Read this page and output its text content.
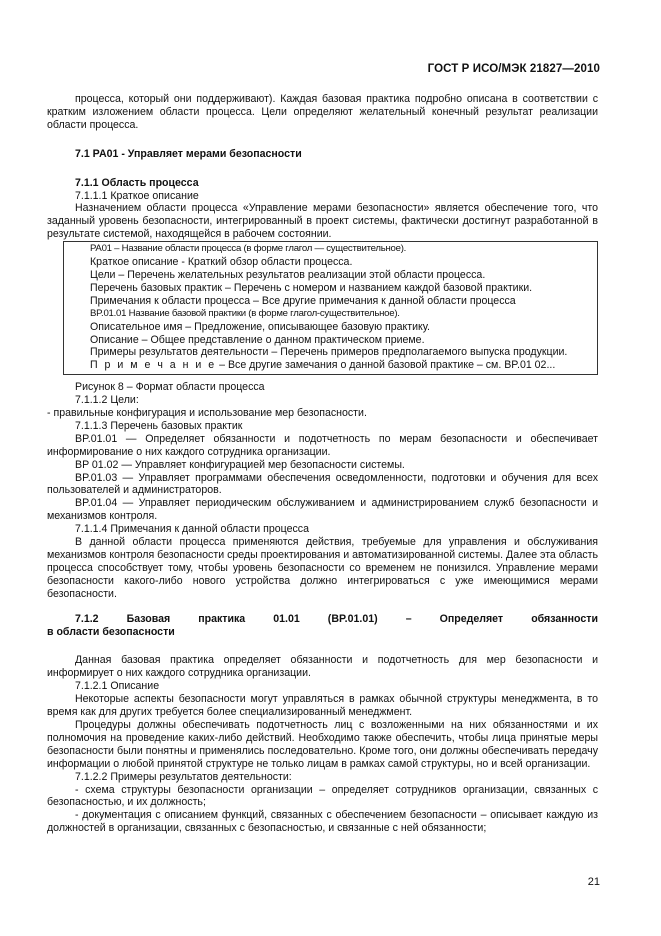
ГОСТ Р ИСО/МЭК 21827—2010

процесса, который они поддерживают). Каждая базовая практика подробно описана в соответствии с кратким изложением области процесса. Цели определяют желательный конечный результат реализации области процесса.

7.1 PA01 - Управляет мерами безопасности

7.1.1 Область процесса

7.1.1.1 Краткое описание

Назначением области процесса «Управление мерами безопасности» является обеспечение того, что заданный уровень безопасности, интегрированный в проект системы, фактически достигнут разработанной в результате системой, находящейся в рабочем состоянии.

PA01 – Название области процесса (в форме глагол — существительное).

Краткое описание - Краткий обзор области процесса.

Цели – Перечень желательных результатов реализации этой области процесса.

Перечень базовых практик – Перечень с номером и названием каждой базовой практики.

Примечания к области процесса – Все другие примечания к данной области процесса

BP.01.01 Название базовой практики (в форме глагол-существительное).

Описательное имя – Предложение, описывающее базовую практику.

Описание – Общее представление о данном практическом приеме.

Примеры результатов деятельности – Перечень примеров предполагаемого выпуска продукции.

П р и м е ч а н и е – Все другие замечания о данной базовой практике – см. BP.01 02...

Рисунок 8 – Формат области процесса

7.1.1.2 Цели:

- правильные конфигурация и использование мер безопасности.

7.1.1.3 Перечень базовых практик

BP.01.01 — Определяет обязанности и подотчетность по мерам безопасности и обеспечивает информирование о них каждого сотрудника организации.

BP 01.02 — Управляет конфигурацией мер безопасности системы.

BP.01.03 — Управляет программами обеспечения осведомленности, подготовки и обучения для всех пользователей и администраторов.

BP.01.04 — Управляет периодическим обслуживанием и администрированием служб безопасности и механизмов контроля.

7.1.1.4 Примечания к данной области процесса

В данной области процесса применяются действия, требуемые для управления и обслуживания механизмов контроля безопасности среды проектирования и автоматизированной системы. Далее эта область процесса способствует тому, чтобы уровень безопасности со временем не понизился. Управление мерами безопасности какого-либо нового устройства должно интегрироваться с уже имеющимися мерами безопасности.

7.1.2	Базовая	практика	01.01	(BP.01.01)	–	Определяет	обязанности

в области безопасности

Данная базовая практика определяет обязанности и подотчетность для мер безопасности и информирует о них каждого сотрудника организации.

7.1.2.1 Описание

Некоторые аспекты безопасности могут управляться в рамках обычной структуры менеджмента, в то время как для других требуется более специализированный менеджмент.

Процедуры должны обеспечивать подотчетность лиц с возложенными на них обязанностями и их полномочия на проведение каких-либо действий. Необходимо также обеспечить, чтобы лица принятые меры безопасности были понятны и применялись последовательно. Кроме того, они должны обеспечивать передачу информации о любой принятой структуре не только лицам в рамках самой структуры, но и всей организации.

7.1.2.2 Примеры результатов деятельности:

- схема структуры безопасности организации – определяет сотрудников организации, связанных с безопасностью, и их должность;

- документация с описанием функций, связанных с обеспечением безопасности – описывает каждую из должностей в организации, связанных с безопасностью, и связанные с ней обязанности;

21
